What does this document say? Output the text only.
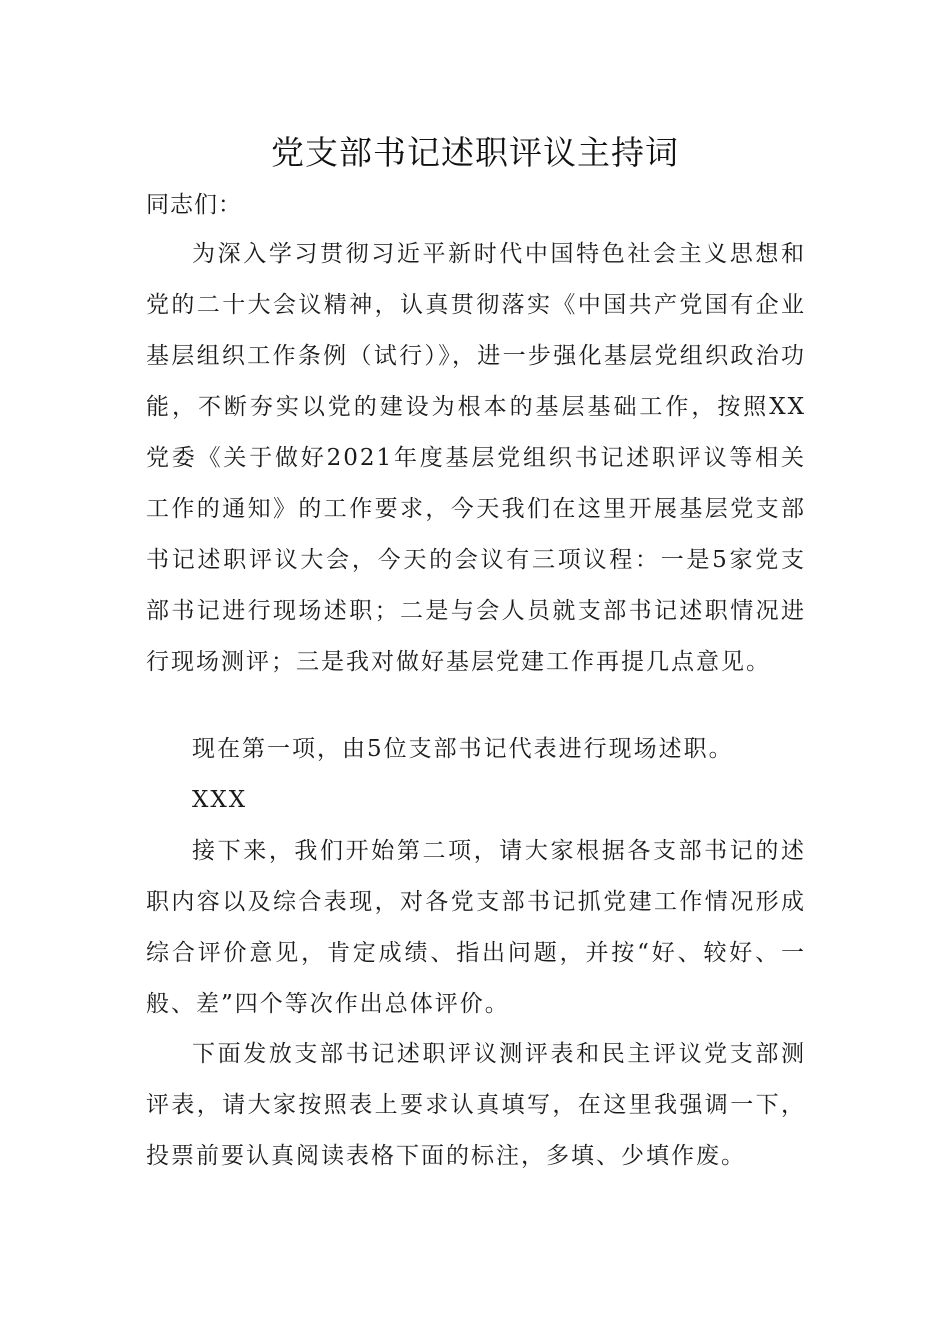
党支部书记述职评议主持词

同志们：

为深入学习贯彻习近平新时代中国特色社会主义思想和党的二十大会议精神，认真贯彻落实《中国共产党国有企业基层组织工作条例（试行）》，进一步强化基层党组织政治功能，不断夯实以党的建设为根本的基层基础工作，按照XX党委《关于做好2021年度基层党组织书记述职评议等相关工作的通知》的工作要求，今天我们在这里开展基层党支部书记述职评议大会，今天的会议有三项议程：一是5家党支部书记进行现场述职；二是与会人员就支部书记述职情况进行现场测评；三是我对做好基层党建工作再提几点意见。

现在第一项，由5位支部书记代表进行现场述职。

XXX

接下来，我们开始第二项，请大家根据各支部书记的述职内容以及综合表现，对各党支部书记抓党建工作情况形成综合评价意见，肯定成绩、指出问题，并按“好、较好、一般、差”四个等次作出总体评价。

下面发放支部书记述职评议测评表和民主评议党支部测评表，请大家按照表上要求认真填写，在这里我强调一下，投票前要认真阅读表格下面的标注，多填、少填作废。
